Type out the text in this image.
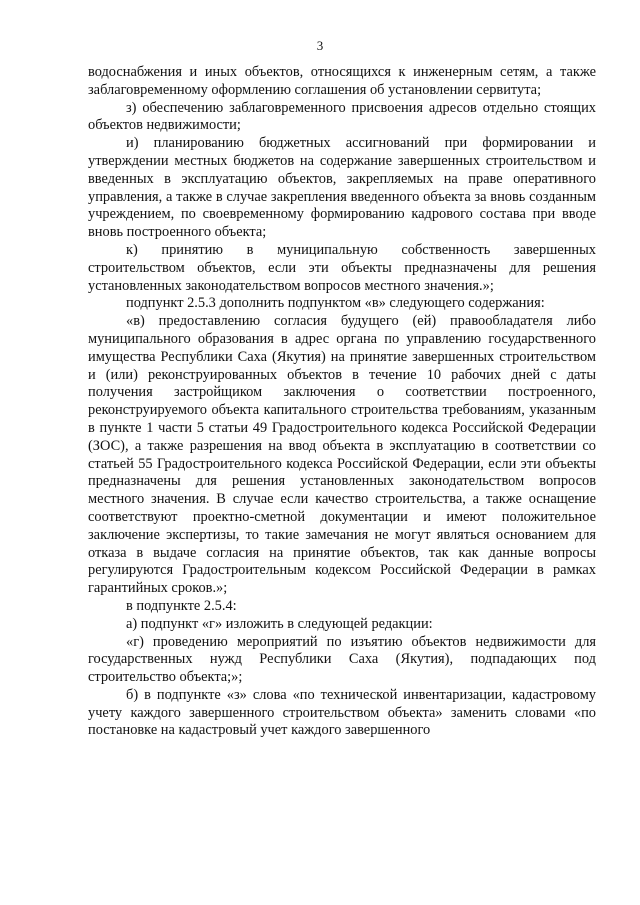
3

водоснабжения и иных объектов, относящихся к инженерным сетям, а также заблаговременному оформлению соглашения об установлении сервитута;

з) обеспечению заблаговременного присвоения адресов отдельно стоящих объектов недвижимости;

и) планированию бюджетных ассигнований при формировании и утверждении местных бюджетов на содержание завершенных строительством и введенных в эксплуатацию объектов, закрепляемых на праве оперативного управления, а также в случае закрепления введенного объекта за вновь созданным учреждением, по своевременному формированию кадрового состава при вводе вновь построенного объекта;

к) принятию в муниципальную собственность завершенных строительством объектов, если эти объекты предназначены для решения установленных законодательством вопросов местного значения.»;

подпункт 2.5.3 дополнить подпунктом «в» следующего содержания:

«в) предоставлению согласия будущего (ей) правообладателя либо муниципального образования в адрес органа по управлению государственного имущества Республики Саха (Якутия) на принятие завершенных строительством и (или) реконструированных объектов в течение 10 рабочих дней с даты получения застройщиком заключения о соответствии построенного, реконструируемого объекта капитального строительства требованиям, указанным в пункте 1 части 5 статьи 49 Градостроительного кодекса Российской Федерации (ЗОС), а также разрешения на ввод объекта в эксплуатацию в соответствии со статьей 55 Градостроительного кодекса Российской Федерации, если эти объекты предназначены для решения установленных законодательством вопросов местного значения. В случае если качество строительства, а также оснащение соответствуют проектно-сметной документации и имеют положительное заключение экспертизы, то такие замечания не могут являться основанием для отказа в выдаче согласия на принятие объектов, так как данные вопросы регулируются Градостроительным кодексом Российской Федерации в рамках гарантийных сроков.»;

в подпункте 2.5.4:

а) подпункт «г» изложить в следующей редакции:

«г) проведению мероприятий по изъятию объектов недвижимости для государственных нужд Республики Саха (Якутия), подпадающих под строительство объекта;»;

б) в подпункте «з» слова «по технической инвентаризации, кадастровому учету каждого завершенного строительством объекта» заменить словами «по постановке на кадастровый учет каждого завершенного
